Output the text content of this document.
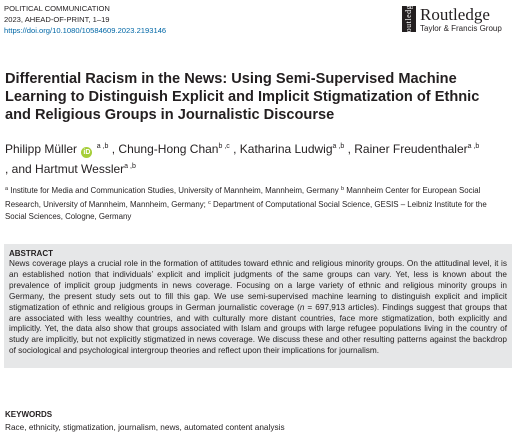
POLITICAL COMMUNICATION
2023, AHEAD-OF-PRINT, 1–19
https://doi.org/10.1080/10584609.2023.2193146	Routledge Routledge
Taylor & Francis Group
Differential Racism in the News: Using Semi-Supervised Machine Learning to Distinguish Explicit and Implicit Stigmatization of Ethnic and Religious Groups in Journalistic Discourse
Philipp Müller iD $^{a ,b}$ , Chung-Hong Chan$^{b ,c}$ , Katharina Ludwig$^{a ,b}$ , Rainer Freudenthaler$^{a ,b}$
, and Hartmut Wessler$^{a ,b}$
$^a$ Institute for Media and Communication Studies, University of Mannheim, Mannheim, Germany $^b$ Mannheim Center for European Social Research, University of Mannheim, Mannheim, Germany; $^c$ Department of Computational Social Science, GESIS – Leibniz Institute for the Social Sciences, Cologne, Germany
ABSTRACT

News coverage plays a crucial role in the formation of attitudes toward ethnic and religious minority groups. On the attitudinal level, it is an established notion that individuals’ explicit and implicit judgments of the same groups can vary. Yet, less is known about the prevalence of implicit group judgments in news coverage. Focusing on a large variety of ethnic and religious minority groups in Germany, the present study sets out to fill this gap. We use semi-supervised machine learning to distinguish explicit and implicit stigmatization of ethnic and religious groups in German journalistic coverage (n = 697,913 articles). Findings suggest that groups that are associated with less wealthy countries, and with culturally more distant countries, face more stigmatization, both explicitly and implicitly. Yet, the data also show that groups associated with Islam and groups with large refugee populations living in the country of study are implicitly, but not explicitly stigmatized in news coverage. We discuss these and other resulting patterns against the backdrop of sociological and psychological intergroup theories and reflect upon their implications for journalism.

KEYWORDS
Race, ethnicity, stigmatization, journalism, news, automated content analysis
